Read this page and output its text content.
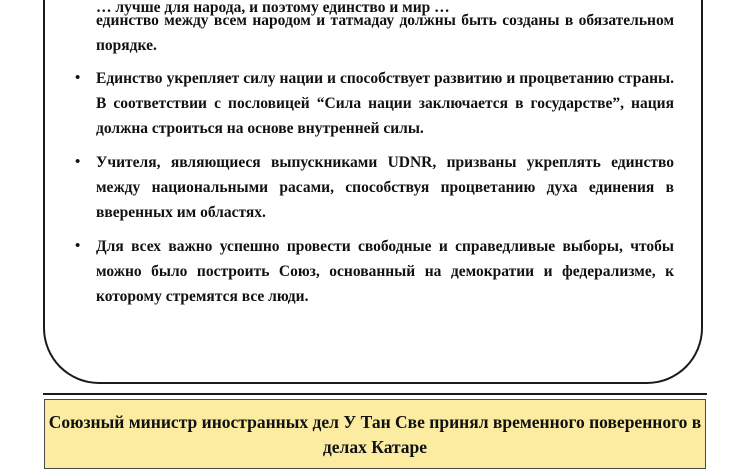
… лучше для народа, и поэтому единство и мир …
единство между всем народом и татмадау должны быть созданы в обязательном порядке.
• Единство укрепляет силу нации и способствует развитию и процветанию страны. В соответствии с пословицей “Сила нации заключается в государстве”, нация должна строиться на основе внутренней силы.
• Учителя, являющиеся выпускниками UDNR, призваны укреплять единство между национальными расами, способствуя процветанию духа единения в вверенных им областях.
• Для всех важно успешно провести свободные и справедливые выборы, чтобы можно было построить Союз, основанный на демократии и федерализме, к которому стремятся все люди.
Союзный министр иностранных дел У Тан Све принял временного поверенного в делах Катаре
